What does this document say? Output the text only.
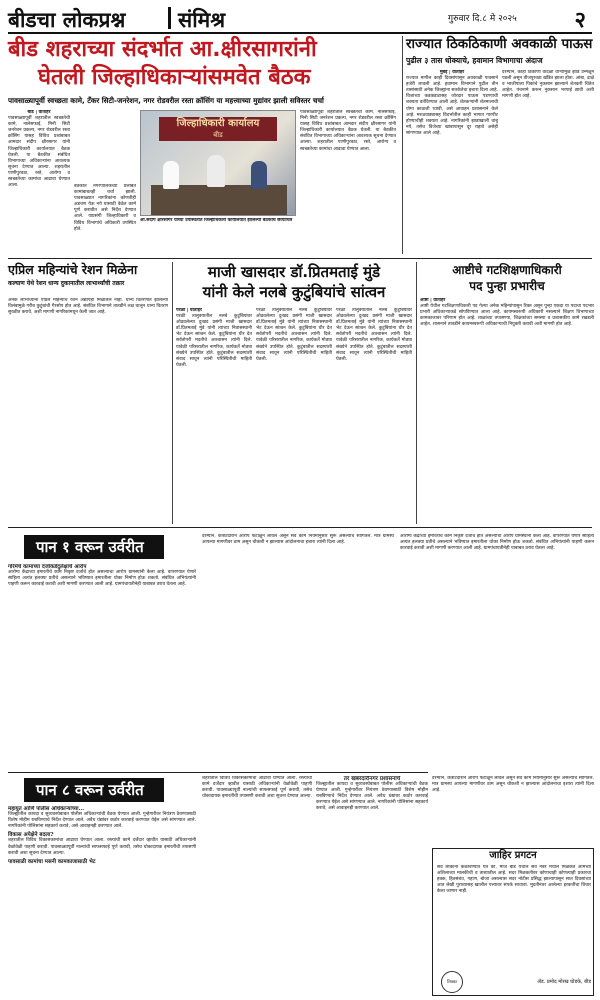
बीडचा लोकप्रश्न	संमिश्र	गुरुवार दि.८ मे २०२५	२
बीड शहराच्या संदर्भात आ.क्षीरसागरांनी
घेतली जिल्हाधिकाऱ्यांसमवेत बैठक
पावसाळ्यापूर्वी स्वच्छता कामे, टँकर सिटी-जनरेशन, नगर रोडवरील रस्ता क्रॉसिंग या महत्त्वाच्या मुद्यांवर झाली सविस्तर चर्चा
बीड | वार्ताहर
पावसाळ्यापूर्वी शहरातील स्वच्छतेची कामे, नालेसफाई, मिनी सिटी जनरेशन प्रकल्प, नगर रोडवरील रस्ता क्रॉसिंग यासह विविध प्रश्नांबाबत आमदार संदीप क्षीरसागर यांनी जिल्हाधिकारी कार्यालयात बैठक घेतली. या बैठकीत संबंधित विभागाच्या अधिकाऱ्यांना आवश्यक सूचना देण्यात आल्या. शहरातील पाणीपुरवठा, रस्ते, आरोग्य व स्वच्छतेच्या कामांचा आढावा घेण्यात आला.	बैठकीत नगरपालिकेच्या प्रलंबित कामांबाबतही चर्चा झाली. पावसाळ्यात नागरिकांना कोणतीही अडचण येऊ नये यासाठी वेळेत कामे पूर्ण करावीत असे निर्देश देण्यात आले. याप्रसंगी जिल्हाधिकारी व विविध विभागांचे अधिकारी उपस्थित होते.
जिल्हाधिकारी कार्यालय
बीड
आ.संदीप क्षीरसागर यांच्या उपस्थितीत जिल्हाधिकारी कार्यालयात झालेल्या बैठकीचे छायाचित्र
पावसाळ्यापूर्वी शहरातील स्वच्छतेची कामे, नालेसफाई, मिनी सिटी जनरेशन प्रकल्प, नगर रोडवरील रस्ता क्रॉसिंग यासह विविध प्रश्नांबाबत आमदार संदीप क्षीरसागर यांनी जिल्हाधिकारी कार्यालयात बैठक घेतली. या बैठकीत संबंधित विभागाच्या अधिकाऱ्यांना आवश्यक सूचना देण्यात आल्या. शहरातील पाणीपुरवठा, रस्ते, आरोग्य व स्वच्छतेच्या कामांचा आढावा घेण्यात आला.
राज्यात ठिकठिकाणी अवकाळी पाऊस
पुढील ३ तास धोक्याचे, हवामान विभागाचा अंदाज
मुंबई | वार्ताहर
राज्यात मागील काही दिवसांपासून अवकाळी पावसाने हजेरी लावली आहे. हवामान विभागाने पुढील तीन तासांसाठी अनेक जिल्ह्यांना सतर्कतेचा इशारा दिला आहे. विजांच्या कडकडाटासह जोरदार पाऊस पडण्याची शक्यता वर्तविण्यात आली आहे. शेतकऱ्यांनी शेतमालाची योग्य काळजी घ्यावी, असे आवाहन प्रशासनाने केले आहे. मराठवाड्यासह विदर्भातील काही भागात गारपीट होण्याचीही शक्यता आहे. नागरिकांनी झाडाखाली थांबू नये, तसेच विजेच्या खांबापासून दूर राहावे असेही सांगण्यात आले आहे.
दरम्यान, काही ठिकाणी वादळी वाऱ्यामुळे झाडे उन्मळून पडली असून वीजपुरवठा खंडित झाला होता. आंबा, द्राक्षे व भाजीपाला पिकांचे नुकसान झाल्याने शेतकरी चिंतेत आहेत. पंचनामे करून नुकसान भरपाई द्यावी अशी मागणी होत आहे.
एप्रिल महिन्यांचे रेशन मिळेना
कल्याण येथे रेशन धान्य दुकानातील लाभार्थ्यांची तक्रार
अनेक लाभार्थ्यांना एप्रिल महिन्याचे रेशन अद्यापही मिळालेले नाही. धान्य वितरणात झालेल्या विलंबामुळे गरीब कुटुंबांची गैरसोय होत आहे. संबंधित विभागाने तातडीने लक्ष घालून धान्य वितरण सुरळीत करावे, अशी मागणी नागरिकांमधून केली जात आहे.
माजी खासदार डॉ.प्रितमताई मुंडे
यांनी केले नलबे कुटुंबियांचे सांत्वन
परळी | वार्ताहर
परळी तालुक्यातील नलबे कुटुंबियांवर ओढवलेल्या दुःखद प्रसंगी माजी खासदार डॉ.प्रितमताई मुंडे यांनी त्यांच्या निवासस्थानी भेट देऊन सांत्वन केले. कुटुंबियांना धीर देत सर्वतोपरी मदतीचे आश्वासन त्यांनी दिले. यावेळी परिसरातील नागरिक, कार्यकर्ते मोठ्या संख्येने उपस्थित होते. कुटुंबातील सदस्यांशी संवाद साधून त्यांनी परिस्थितीची माहिती घेतली.
परळी तालुक्यातील नलबे कुटुंबियांवर ओढवलेल्या दुःखद प्रसंगी माजी खासदार डॉ.प्रितमताई मुंडे यांनी त्यांच्या निवासस्थानी भेट देऊन सांत्वन केले. कुटुंबियांना धीर देत सर्वतोपरी मदतीचे आश्वासन त्यांनी दिले. यावेळी परिसरातील नागरिक, कार्यकर्ते मोठ्या संख्येने उपस्थित होते. कुटुंबातील सदस्यांशी संवाद साधून त्यांनी परिस्थितीची माहिती घेतली.
परळी तालुक्यातील नलबे कुटुंबियांवर ओढवलेल्या दुःखद प्रसंगी माजी खासदार डॉ.प्रितमताई मुंडे यांनी त्यांच्या निवासस्थानी भेट देऊन सांत्वन केले. कुटुंबियांना धीर देत सर्वतोपरी मदतीचे आश्वासन त्यांनी दिले. यावेळी परिसरातील नागरिक, कार्यकर्ते मोठ्या संख्येने उपस्थित होते. कुटुंबातील सदस्यांशी संवाद साधून त्यांनी परिस्थितीची माहिती घेतली.
आष्टीचे गटशिक्षणाधिकारी
पद पुन्हा प्रभारीच
आष्टी | वार्ताहर
आष्टी येथील गटशिक्षणाधिकारी पद गेल्या अनेक महिन्यांपासून रिक्त असून पुन्हा एकदा या पदाचा पदभार प्रभारी अधिकाऱ्याकडे सोपविण्यात आला आहे. कायमस्वरूपी अधिकारी नसल्याने शिक्षण विभागाच्या कामकाजावर परिणाम होत आहे. शाळांच्या तपासण्या, शिक्षकांच्या समस्या व प्रशासकीय कामे रखडली आहेत. शासनाने तातडीने कायमस्वरूपी अधिकाऱ्याची नियुक्ती करावी अशी मागणी होत आहे.
पान १ वरून उर्वरीत
गरिमेचे कामाच्या दर्जाकडेदुर्लक्षाचे आरोप
आरोग्य केंद्राच्या इमारतीचे काम निकृष्ट दर्जाचे होत असल्याचा आरोप ग्रामस्थांनी केला आहे. वापरण्यात येणारे साहित्य अत्यंत हलक्या प्रतीचे असल्याने भविष्यात इमारतीला धोका निर्माण होऊ शकतो. संबंधित अभियंत्यांनी पाहणी करून कारवाई करावी अशी मागणी करण्यात आली आहे. ग्रामपंचायतीनेही याबाबत ठराव घेतला आहे.
दरम्यान, कंत्राटदाराने आरोप फेटाळून लावले असून सर्व काम नियमानुसार सुरू असल्याचे सांगितले. मात्र ग्रामस्थ आपल्या मागणीवर ठाम असून चौकशी न झाल्यास आंदोलनाचा इशारा त्यांनी दिला आहे.
आरोग्य केंद्राच्या इमारतीचे काम निकृष्ट दर्जाचे होत असल्याचा आरोप ग्रामस्थांनी केला आहे. वापरण्यात येणारे साहित्य अत्यंत हलक्या प्रतीचे असल्याने भविष्यात इमारतीला धोका निर्माण होऊ शकतो. संबंधित अभियंत्यांनी पाहणी करून कारवाई करावी अशी मागणी करण्यात आली आहे. ग्रामपंचायतीनेही याबाबत ठराव घेतला आहे.
पान ८ वरून उर्वरीत
महायुत आणि पोलीस अधिकाऱ्यांच्या...
जिल्ह्यातील कायदा व सुव्यवस्थेबाबत पोलीस अधिकाऱ्यांची बैठक घेण्यात आली. गुन्हेगारीवर नियंत्रण ठेवण्यासाठी विशेष मोहीम राबविण्याचे निर्देश देण्यात आले. अवैध धंद्यांवर कठोर कारवाई करण्यात येईल असे सांगण्यात आले. नागरिकांनी पोलिसांना सहकार्य करावे, असे आवाहनही करण्यात आले.
विकास अपेक्षेने बदला?
शहरातील विविध विकासकामांचा आढावा घेण्यात आला. रस्त्यांची कामे दर्जेदार व्हावीत यासाठी अधिकाऱ्यांनी वेळोवेळी पाहणी करावी. पावसाळ्यापूर्वी नाल्यांची साफसफाई पूर्ण करावी, तसेच धोकादायक इमारतींची तपासणी करावी अशा सूचना देण्यात आल्या.
पावसाळी कामांचा मसनी कामकाजासाठी भेट
शहरातील विविध विकासकामांचा आढावा घेण्यात आला. रस्त्यांची कामे दर्जेदार व्हावीत यासाठी अधिकाऱ्यांनी वेळोवेळी पाहणी करावी. पावसाळ्यापूर्वी नाल्यांची साफसफाई पूर्ण करावी, तसेच धोकादायक इमारतींची तपासणी करावी अशा सूचना देण्यात आल्या.
तर खबरदारीनगर प्रशासनाचे
जिल्ह्यातील कायदा व सुव्यवस्थेबाबत पोलीस अधिकाऱ्यांची बैठक घेण्यात आली. गुन्हेगारीवर नियंत्रण ठेवण्यासाठी विशेष मोहीम राबविण्याचे निर्देश देण्यात आले. अवैध धंद्यांवर कठोर कारवाई करण्यात येईल असे सांगण्यात आले. नागरिकांनी पोलिसांना सहकार्य करावे, असे आवाहनही करण्यात आले.
जाहिर प्रगटन
सर्व लोकांना कळविण्यात येते की, मौजे बीड येथील सर्वे नंबर मधील मिळकत आमच्या अशिलाच्या मालकीची व ताब्यातील आहे. सदर मिळकतीवर कोणाचाही कोणत्याही प्रकारचा हक्क, हितसंबंध, गहाण, बोजा असल्यास सदर नोटीस प्रसिद्ध झाल्यापासून सात दिवसांच्या आत लेखी पुराव्यासह खालील पत्त्यावर संपर्क साधावा. मुदतीनंतर आलेल्या हरकतींचा विचार केला जाणार नाही.
शिक्का	ॲड. प्रमोद मोरख घोडके, बीड
दरम्यान, कंत्राटदाराने आरोप फेटाळून लावले असून सर्व काम नियमानुसार सुरू असल्याचे सांगितले. मात्र ग्रामस्थ आपल्या मागणीवर ठाम असून चौकशी न झाल्यास आंदोलनाचा इशारा त्यांनी दिला आहे.
